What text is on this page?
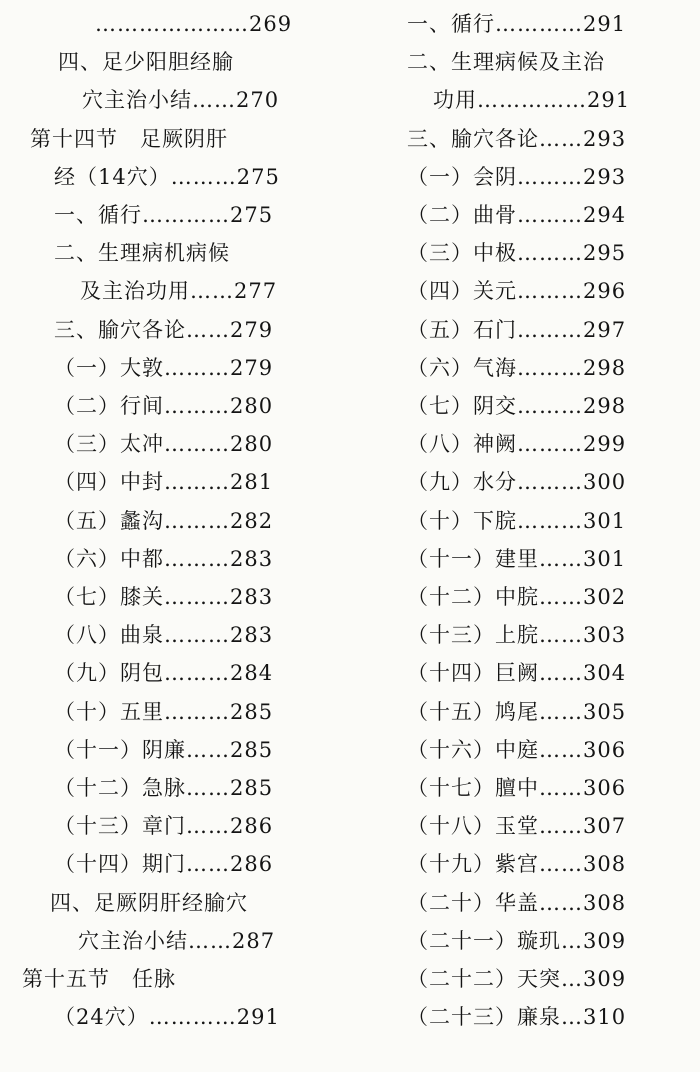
…………………269
四、足少阳胆经腧
穴主治小结……270
第十四节　足厥阴肝
经（14穴）………275
一、循行…………275
二、生理病机病候
及主治功用……277
三、腧穴各论……279
（一）大敦………279
（二）行间………280
（三）太冲………280
（四）中封………281
（五）蠡沟………282
（六）中都………283
（七）膝关………283
（八）曲泉………283
（九）阴包………284
（十）五里………285
（十一）阴廉……285
（十二）急脉……285
（十三）章门……286
（十四）期门……286
四、足厥阴肝经腧穴
穴主治小结……287
第十五节　任脉
（24穴）…………291
一、循行…………291
二、生理病候及主治
功用……………291
三、腧穴各论……293
（一）会阴………293
（二）曲骨………294
（三）中极………295
（四）关元………296
（五）石门………297
（六）气海………298
（七）阴交………298
（八）神阙………299
（九）水分………300
（十）下脘………301
（十一）建里……301
（十二）中脘……302
（十三）上脘……303
（十四）巨阙……304
（十五）鸠尾……305
（十六）中庭……306
（十七）膻中……306
（十八）玉堂……307
（十九）紫宫……308
（二十）华盖……308
（二十一）璇玑…309
（二十二）天突…309
（二十三）廉泉…310
